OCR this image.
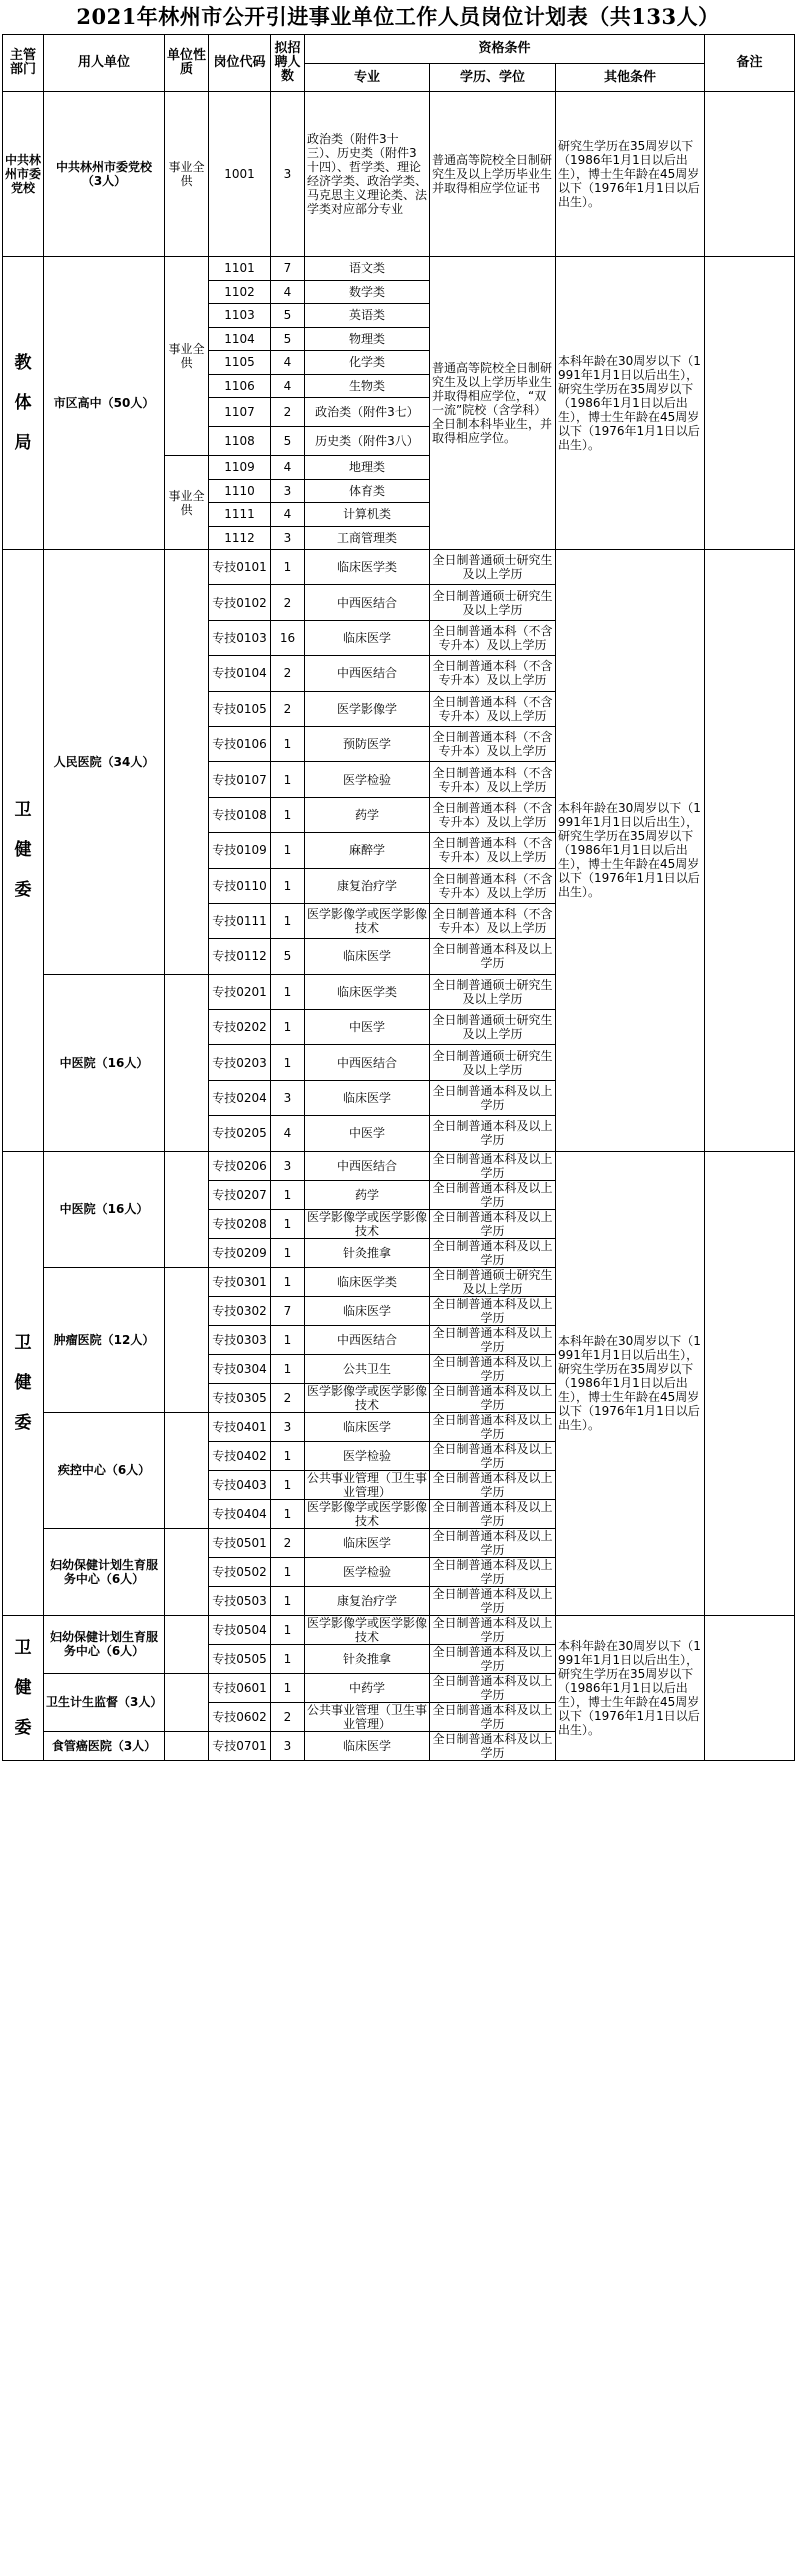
2021年林州市公开引进事业单位工作人员岗位计划表（共133人）
主管部门	用人单位	单位性质	岗位代码	拟招聘人数	资格条件			备注
					专业	学历、学位	其他条件	
中共林州市委党校	中共林州市委党校（3人）	事业全供	1001	3	政治类（附件3十三）、历史类（附件3十四）、哲学类、理论经济学类、政治学类、马克思主义理论类、法学类对应部分专业	普通高等院校全日制研究生及以上学历毕业生并取得相应学位证书	研究生学历在35周岁以下（1986年1月1日以后出生），博士生年龄在45周岁以下（1976年1月1日以后出生）。	

教体局	市区高中（50人）	事业全供	1101	7	语文类	普通高等院校全日制研究生及以上学历毕业生并取得相应学位，“双一流”院校（含学科）全日制本科毕业生，并取得相应学位。	本科年龄在30周岁以下（1991年1月1日以后出生），研究生学历在35周岁以下（1986年1月1日以后出生），博士生年龄在45周岁以下（1976年1月1日以后出生）。	
			1102	4	数学类			
			1103	5	英语类			
			1104	5	物理类			
			1105	4	化学类			
			1106	4	生物类			
			1107	2	政治类（附件3七）			
			1108	5	历史类（附件3八）			
		事业全供	1109	4	地理类			
			1110	3	体育类			
			1111	4	计算机类			
			1112	3	工商管理类			

卫健委	人民医院（34人）		专技0101	1	临床医学类	全日制普通硕士研究生及以上学历	本科年龄在30周岁以下（1991年1月1日以后出生），研究生学历在35周岁以下（1986年1月1日以后出生），博士生年龄在45周岁以下（1976年1月1日以后出生）。	
			专技0102	2	中西医结合	全日制普通硕士研究生及以上学历		
			专技0103	16	临床医学	全日制普通本科（不含专升本）及以上学历		
			专技0104	2	中西医结合	全日制普通本科（不含专升本）及以上学历		
			专技0105	2	医学影像学	全日制普通本科（不含专升本）及以上学历		
			专技0106	1	预防医学	全日制普通本科（不含专升本）及以上学历		
			专技0107	1	医学检验	全日制普通本科（不含专升本）及以上学历		
			专技0108	1	药学	全日制普通本科（不含专升本）及以上学历		
			专技0109	1	麻醉学	全日制普通本科（不含专升本）及以上学历		
			专技0110	1	康复治疗学	全日制普通本科（不含专升本）及以上学历		
			专技0111	1	医学影像学或医学影像技术	全日制普通本科（不含专升本）及以上学历		
			专技0112	5	临床医学	全日制普通本科及以上学历		
	中医院（16人）		专技0201	1	临床医学类	全日制普通硕士研究生及以上学历		
			专技0202	1	中医学	全日制普通硕士研究生及以上学历		
			专技0203	1	中西医结合	全日制普通硕士研究生及以上学历		
			专技0204	3	临床医学	全日制普通本科及以上学历		
			专技0205	4	中医学	全日制普通本科及以上学历		

卫健委	中医院（16人）		专技0206	3	中西医结合	全日制普通本科及以上学历	本科年龄在30周岁以下（1991年1月1日以后出生），研究生学历在35周岁以下（1986年1月1日以后出生），博士生年龄在45周岁以下（1976年1月1日以后出生）。	
			专技0207	1	药学	全日制普通本科及以上学历		
			专技0208	1	医学影像学或医学影像技术	全日制普通本科及以上学历		
			专技0209	1	针灸推拿	全日制普通本科及以上学历		
	肿瘤医院（12人）		专技0301	1	临床医学类	全日制普通硕士研究生及以上学历		
			专技0302	7	临床医学	全日制普通本科及以上学历		
			专技0303	1	中西医结合	全日制普通本科及以上学历		
			专技0304	1	公共卫生	全日制普通本科及以上学历		
			专技0305	2	医学影像学或医学影像技术	全日制普通本科及以上学历		
	疾控中心（6人）		专技0401	3	临床医学	全日制普通本科及以上学历		
			专技0402	1	医学检验	全日制普通本科及以上学历		
			专技0403	1	公共事业管理（卫生事业管理）	全日制普通本科及以上学历		
			专技0404	1	医学影像学或医学影像技术	全日制普通本科及以上学历		
	妇幼保健计划生育服务中心（6人）		专技0501	2	临床医学	全日制普通本科及以上学历		
			专技0502	1	医学检验	全日制普通本科及以上学历		
			专技0503	1	康复治疗学	全日制普通本科及以上学历		

卫健委	妇幼保健计划生育服务中心（6人）		专技0504	1	医学影像学或医学影像技术	全日制普通本科及以上学历	本科年龄在30周岁以下（1991年1月1日以后出生），研究生学历在35周岁以下（1986年1月1日以后出生），博士生年龄在45周岁以下（1976年1月1日以后出生）。	
			专技0505	1	针灸推拿	全日制普通本科及以上学历		
	卫生计生监督（3人）		专技0601	1	中药学	全日制普通本科及以上学历		
			专技0602	2	公共事业管理（卫生事业管理）	全日制普通本科及以上学历		
	食管癌医院（3人）		专技0701	3	临床医学	全日制普通本科及以上学历		
